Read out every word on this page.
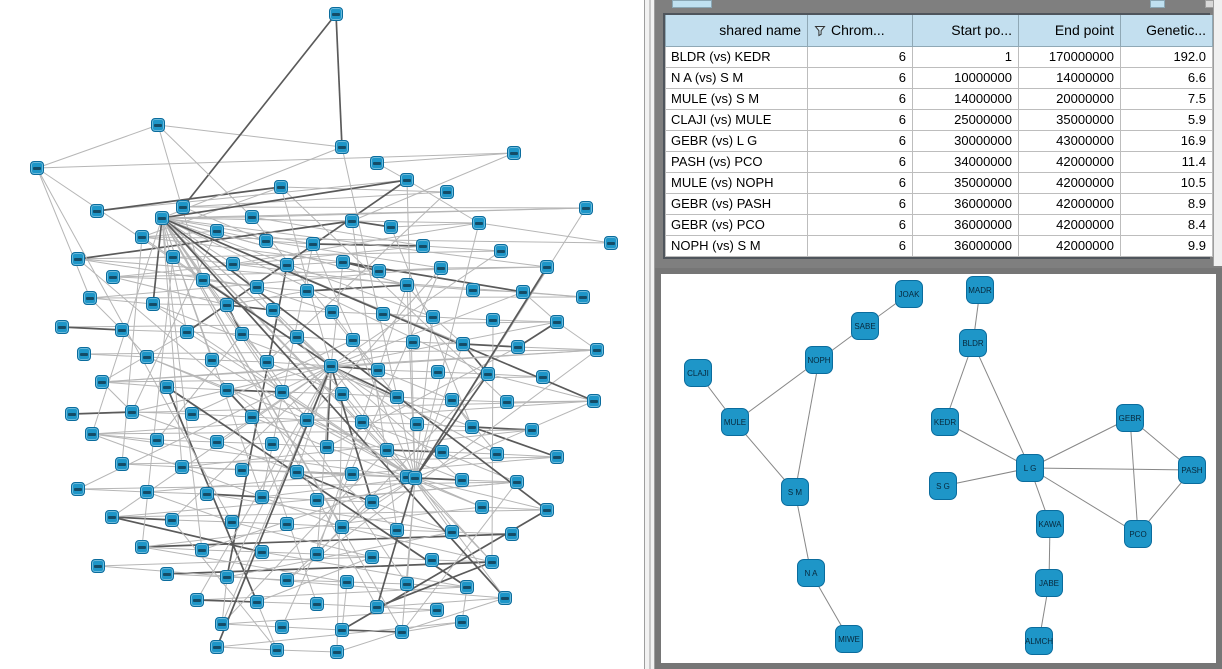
shared name	Chrom...	Start po...	End point	Genetic...

BLDR (vs) KEDR	6	1	170000000	192.0
N A (vs) S M	6	10000000	14000000	6.6
MULE (vs) S M	6	14000000	20000000	7.5
CLAJI (vs) MULE	6	25000000	35000000	5.9
GEBR (vs) L G	6	30000000	43000000	16.9
PASH (vs) PCO	6	34000000	42000000	11.4
MULE (vs) NOPH	6	35000000	42000000	10.5
GEBR (vs) PASH	6	36000000	42000000	8.9
GEBR (vs) PCO	6	36000000	42000000	8.4
NOPH (vs) S M	6	36000000	42000000	9.9
CLAJI
JOAK	MADR
SABE
BLDR
NOPH
MULE	KEDR	GEBR
S M
S G
L G	PASH
KAWA
PCO
N A
JABE
MIWE	ALMCH
